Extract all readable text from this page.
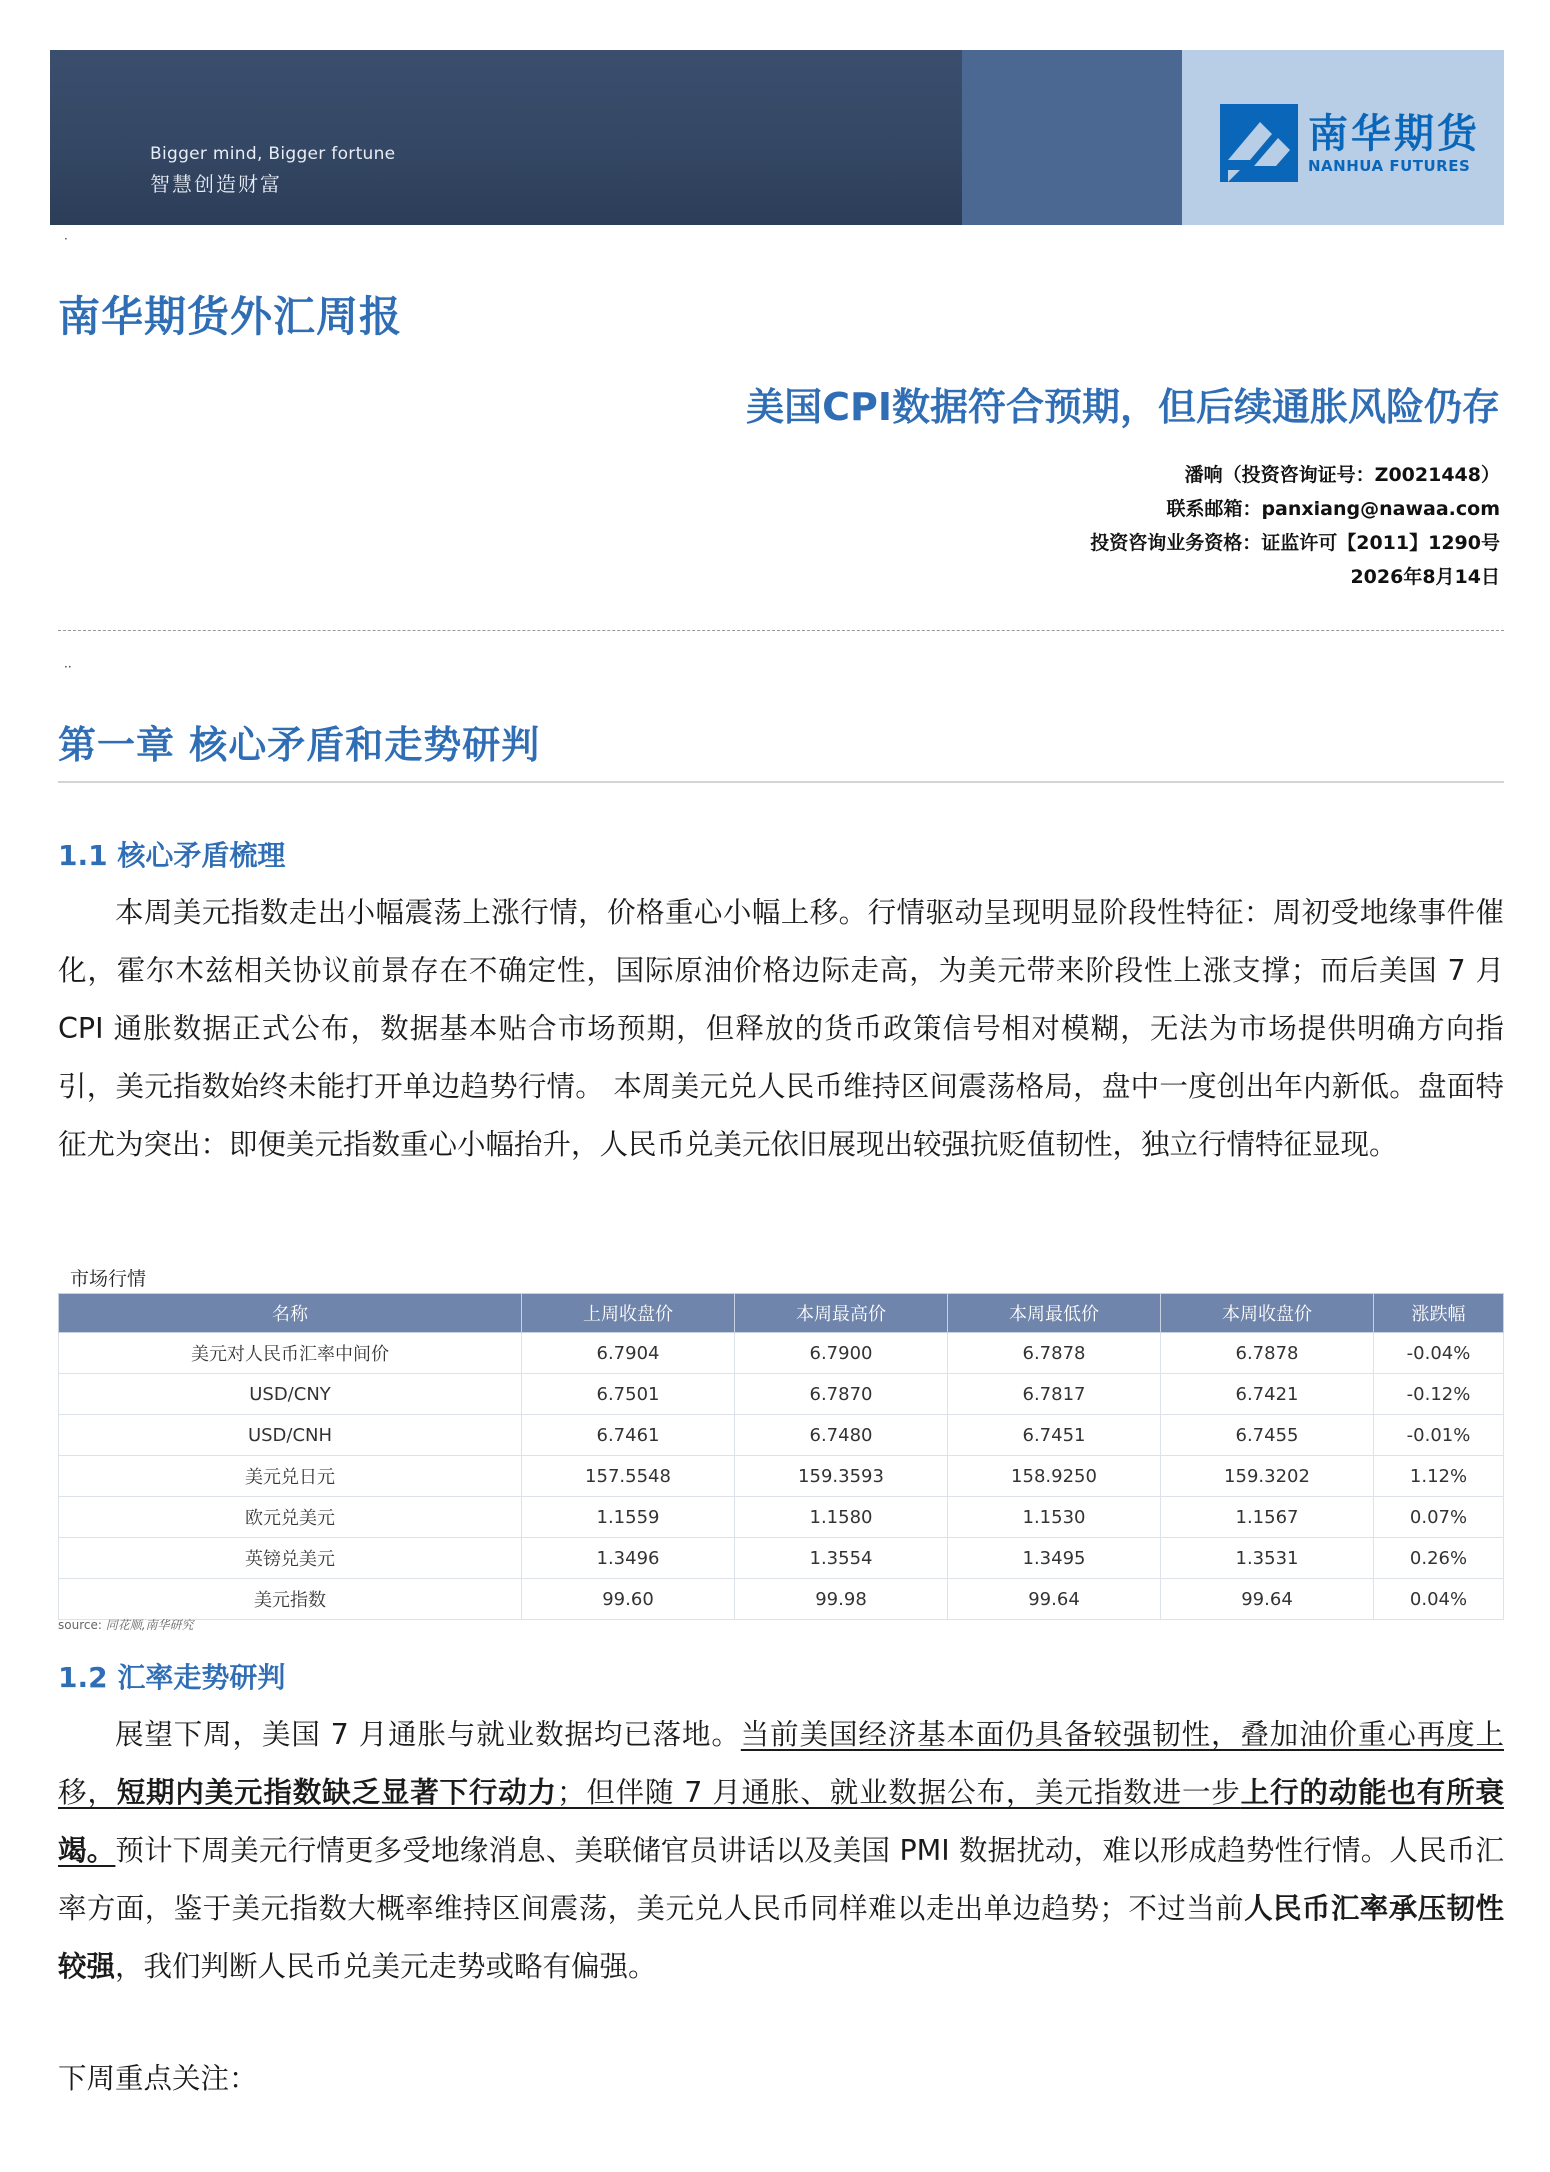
Bigger mind, Bigger fortune
智慧创造财富
南华期货
NANHUA FUTURES
·
南华期货外汇周报
美国CPI数据符合预期，但后续通胀风险仍存
潘响（投资咨询证号：Z0021448）
联系邮箱：panxiang@nawaa.com
投资咨询业务资格：证监许可【2011】1290号
2026年8月14日
··
第一章 核心矛盾和走势研判
1.1 核心矛盾梳理

本周美元指数走出小幅震荡上涨行情，价格重心小幅上移。行情驱动呈现明显阶段性特征：周初受地缘事件催化，霍尔木兹相关协议前景存在不确定性，国际原油价格边际走高，为美元带来阶段性上涨支撑；而后美国 7 月 CPI 通胀数据正式公布，数据基本贴合市场预期，但释放的货币政策信号相对模糊，无法为市场提供明确方向指引，美元指数始终未能打开单边趋势行情。 本周美元兑人民币维持区间震荡格局，盘中一度创出年内新低。盘面特征尤为突出：即便美元指数重心小幅抬升，人民币兑美元依旧展现出较强抗贬值韧性，独立行情特征显现。

市场行情
名称	上周收盘价	本周最高价	本周最低价	本周收盘价	涨跌幅
美元对人民币汇率中间价	6.7904	6.7900	6.7878	6.7878	-0.04%
USD/CNY	6.7501	6.7870	6.7817	6.7421	-0.12%
USD/CNH	6.7461	6.7480	6.7451	6.7455	-0.01%
美元兑日元	157.5548	159.3593	158.9250	159.3202	1.12%
欧元兑美元	1.1559	1.1580	1.1530	1.1567	0.07%
英镑兑美元	1.3496	1.3554	1.3495	1.3531	0.26%
美元指数	99.60	99.98	99.64	99.64	0.04%
source: 同花顺,南华研究
1.2 汇率走势研判

展望下周，美国 7 月通胀与就业数据均已落地。当前美国经济基本面仍具备较强韧性，叠加油价重心再度上移，短期内美元指数缺乏显著下行动力；但伴随 7 月通胀、就业数据公布，美元指数进一步上行的动能也有所衰竭。预计下周美元行情更多受地缘消息、美联储官员讲话以及美国 PMI 数据扰动，难以形成趋势性行情。人民币汇率方面，鉴于美元指数大概率维持区间震荡，美元兑人民币同样难以走出单边趋势；不过当前人民币汇率承压韧性较强，我们判断人民币兑美元走势或略有偏强。

下周重点关注：
